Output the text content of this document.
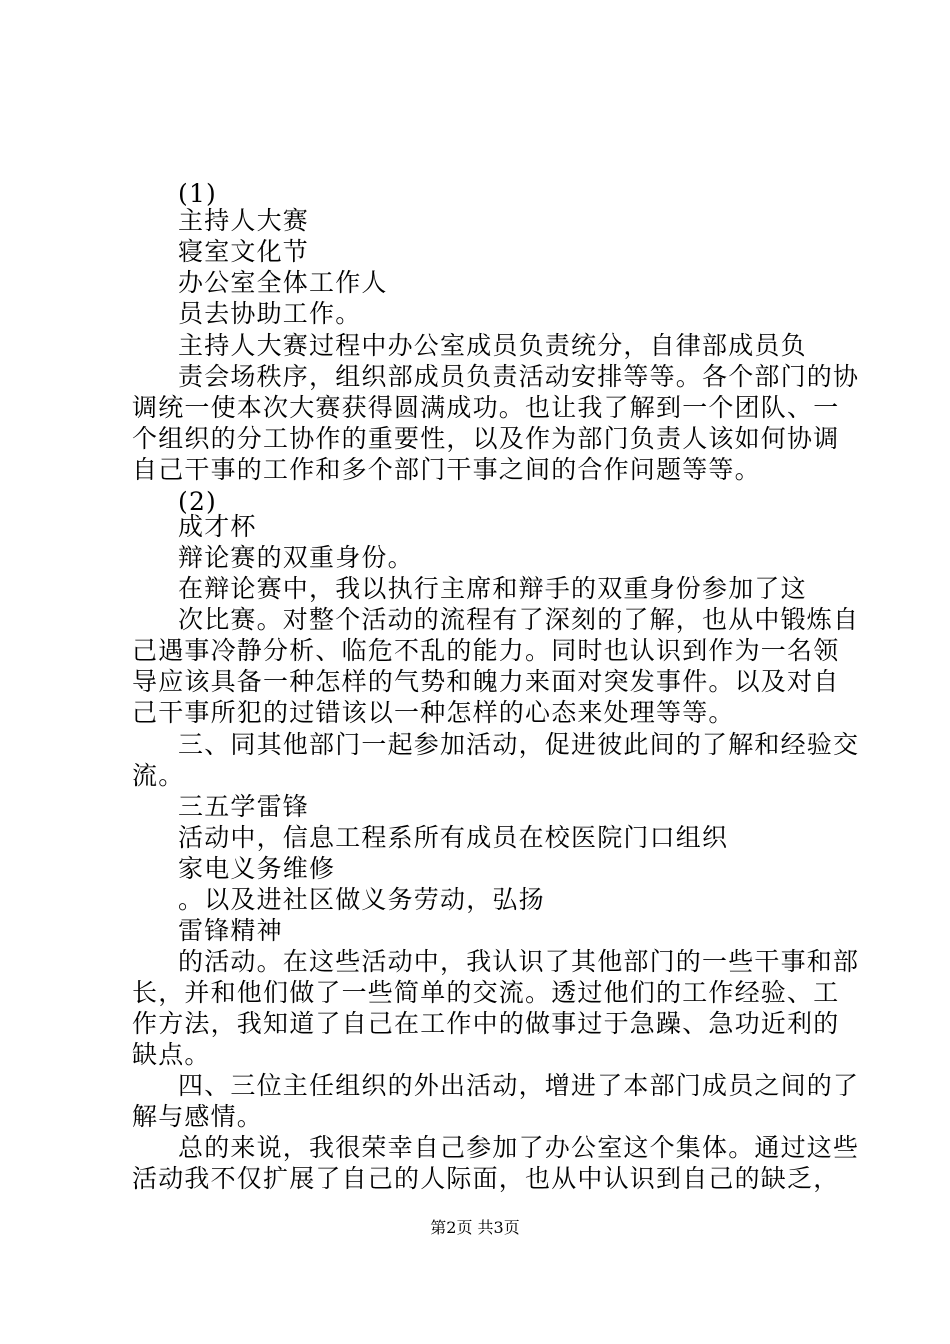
(1)
主持人大赛
寝室文化节
办公室全体工作人
员去协助工作。
主持人大赛过程中办公室成员负责统分，自律部成员负
责会场秩序，组织部成员负责活动安排等等。各个部门的协
调统一使本次大赛获得圆满成功。也让我了解到一个团队、一
个组织的分工协作的重要性，以及作为部门负责人该如何协调
自己干事的工作和多个部门干事之间的合作问题等等。
(2)
成才杯
辩论赛的双重身份。
在辩论赛中，我以执行主席和辩手的双重身份参加了这
次比赛。对整个活动的流程有了深刻的了解，也从中锻炼自
己遇事冷静分析、临危不乱的能力。同时也认识到作为一名领
导应该具备一种怎样的气势和魄力来面对突发事件。以及对自
己干事所犯的过错该以一种怎样的心态来处理等等。
三、同其他部门一起参加活动，促进彼此间的了解和经验交
流。
三五学雷锋
活动中，信息工程系所有成员在校医院门口组织
家电义务维修
。以及进社区做义务劳动，弘扬
雷锋精神
的活动。在这些活动中，我认识了其他部门的一些干事和部
长，并和他们做了一些简单的交流。透过他们的工作经验、工
作方法，我知道了自己在工作中的做事过于急躁、急功近利的
缺点。
四、三位主任组织的外出活动，增进了本部门成员之间的了
解与感情。
总的来说，我很荣幸自己参加了办公室这个集体。通过这些
活动我不仅扩展了自己的人际面，也从中认识到自己的缺乏，
第2页 共3页
